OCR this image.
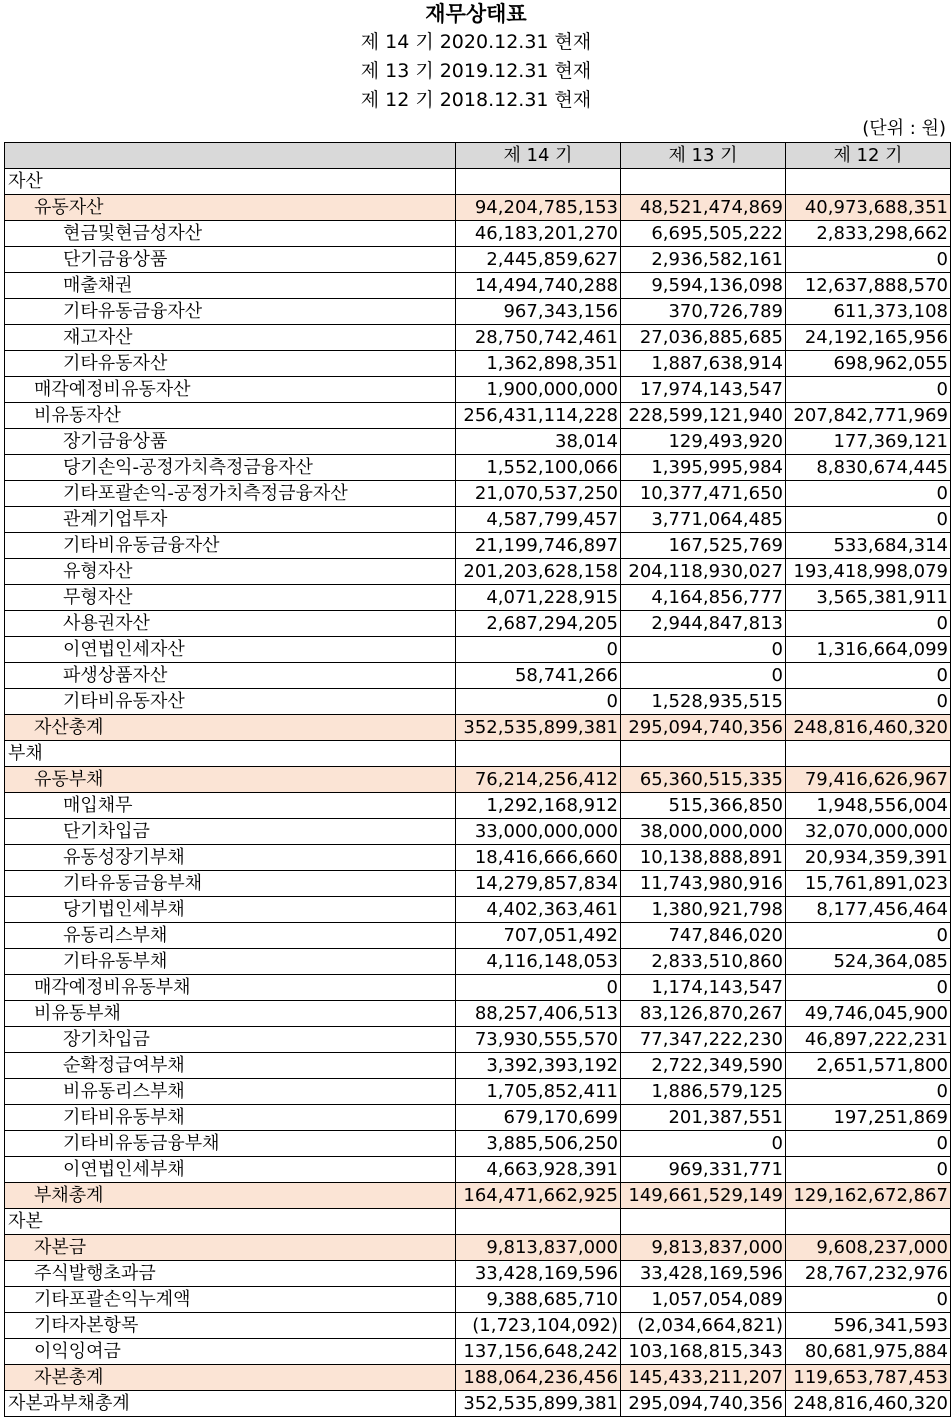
재무상태표
제 14 기 2020.12.31 현재
제 13 기 2019.12.31 현재
제 12 기 2018.12.31 현재
(단위 : 원)
	제 14 기	제 13 기	제 12 기
자산			
유동자산	94,204,785,153	48,521,474,869	40,973,688,351
현금및현금성자산	46,183,201,270	6,695,505,222	2,833,298,662
단기금융상품	2,445,859,627	2,936,582,161	0
매출채권	14,494,740,288	9,594,136,098	12,637,888,570
기타유동금융자산	967,343,156	370,726,789	611,373,108
재고자산	28,750,742,461	27,036,885,685	24,192,165,956
기타유동자산	1,362,898,351	1,887,638,914	698,962,055
매각예정비유동자산	1,900,000,000	17,974,143,547	0
비유동자산	256,431,114,228	228,599,121,940	207,842,771,969
장기금융상품	38,014	129,493,920	177,369,121
당기손익-공정가치측정금융자산	1,552,100,066	1,395,995,984	8,830,674,445
기타포괄손익-공정가치측정금융자산	21,070,537,250	10,377,471,650	0
관계기업투자	4,587,799,457	3,771,064,485	0
기타비유동금융자산	21,199,746,897	167,525,769	533,684,314
유형자산	201,203,628,158	204,118,930,027	193,418,998,079
무형자산	4,071,228,915	4,164,856,777	3,565,381,911
사용권자산	2,687,294,205	2,944,847,813	0
이연법인세자산	0	0	1,316,664,099
파생상품자산	58,741,266	0	0
기타비유동자산	0	1,528,935,515	0
자산총계	352,535,899,381	295,094,740,356	248,816,460,320
부채			
유동부채	76,214,256,412	65,360,515,335	79,416,626,967
매입채무	1,292,168,912	515,366,850	1,948,556,004
단기차입금	33,000,000,000	38,000,000,000	32,070,000,000
유동성장기부채	18,416,666,660	10,138,888,891	20,934,359,391
기타유동금융부채	14,279,857,834	11,743,980,916	15,761,891,023
당기법인세부채	4,402,363,461	1,380,921,798	8,177,456,464
유동리스부채	707,051,492	747,846,020	0
기타유동부채	4,116,148,053	2,833,510,860	524,364,085
매각예정비유동부채	0	1,174,143,547	0
비유동부채	88,257,406,513	83,126,870,267	49,746,045,900
장기차입금	73,930,555,570	77,347,222,230	46,897,222,231
순확정급여부채	3,392,393,192	2,722,349,590	2,651,571,800
비유동리스부채	1,705,852,411	1,886,579,125	0
기타비유동부채	679,170,699	201,387,551	197,251,869
기타비유동금융부채	3,885,506,250	0	0
이연법인세부채	4,663,928,391	969,331,771	0
부채총계	164,471,662,925	149,661,529,149	129,162,672,867
자본			
자본금	9,813,837,000	9,813,837,000	9,608,237,000
주식발행초과금	33,428,169,596	33,428,169,596	28,767,232,976
기타포괄손익누계액	9,388,685,710	1,057,054,089	0
기타자본항목	(1,723,104,092)	(2,034,664,821)	596,341,593
이익잉여금	137,156,648,242	103,168,815,343	80,681,975,884
자본총계	188,064,236,456	145,433,211,207	119,653,787,453
자본과부채총계	352,535,899,381	295,094,740,356	248,816,460,320
